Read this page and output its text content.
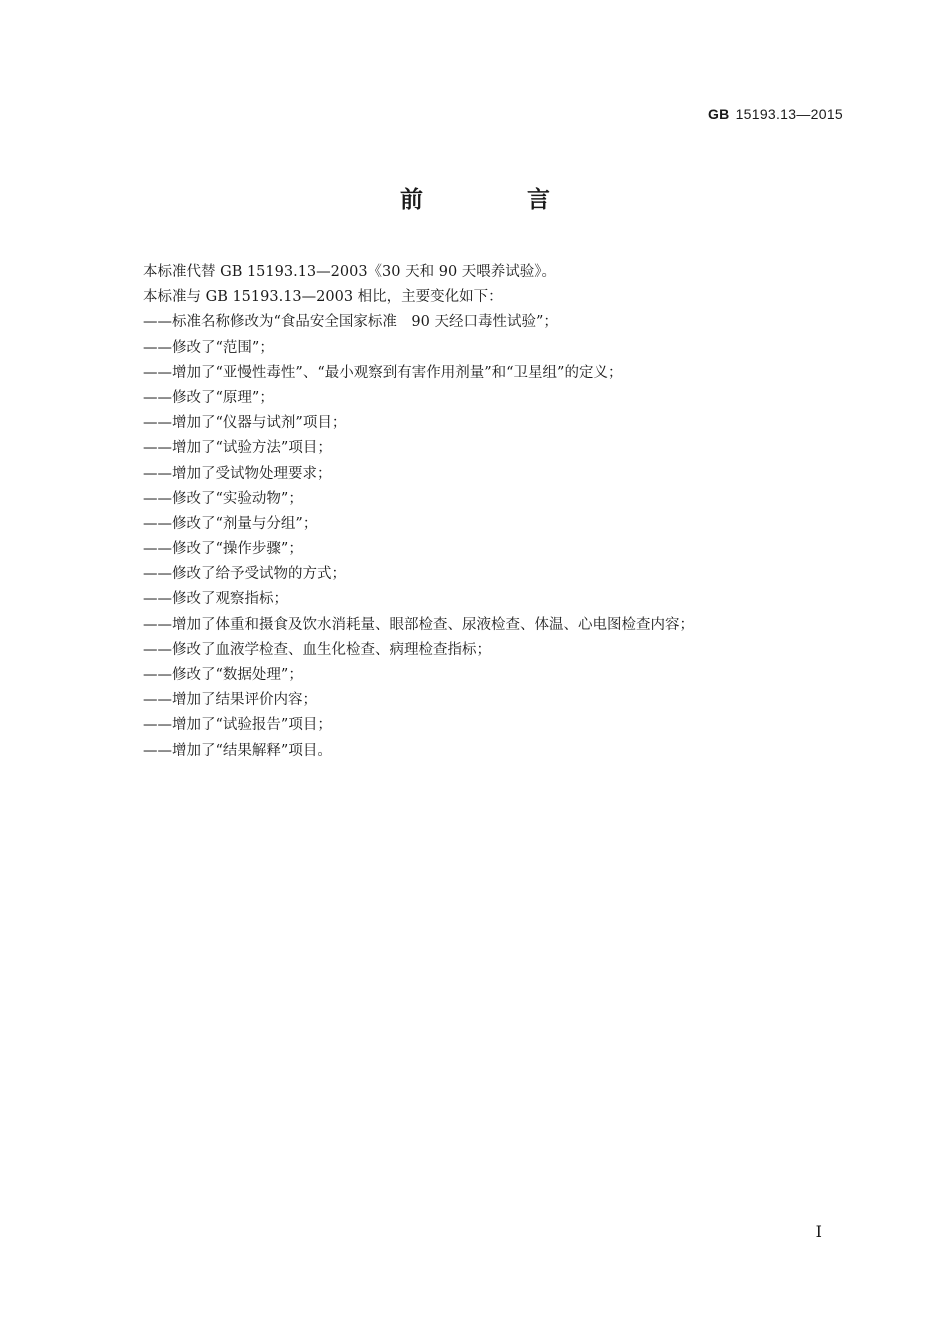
GB 15193.13—2015
前 言
本标准代替 GB 15193.13—2003《30 天和 90 天喂养试验》。
本标准与 GB 15193.13—2003 相比，主要变化如下：
——标准名称修改为“食品安全国家标准　90 天经口毒性试验”；
——修改了“范围”；
——增加了“亚慢性毒性”、“最小观察到有害作用剂量”和“卫星组”的定义；
——修改了“原理”；
——增加了“仪器与试剂”项目；
——增加了“试验方法”项目；
——增加了受试物处理要求；
——修改了“实验动物”；
——修改了“剂量与分组”；
——修改了“操作步骤”；
——修改了给予受试物的方式；
——修改了观察指标；
——增加了体重和摄食及饮水消耗量、眼部检查、尿液检查、体温、心电图检查内容；
——修改了血液学检查、血生化检查、病理检查指标；
——修改了“数据处理”；
——增加了结果评价内容；
——增加了“试验报告”项目；
——增加了“结果解释”项目。
I
